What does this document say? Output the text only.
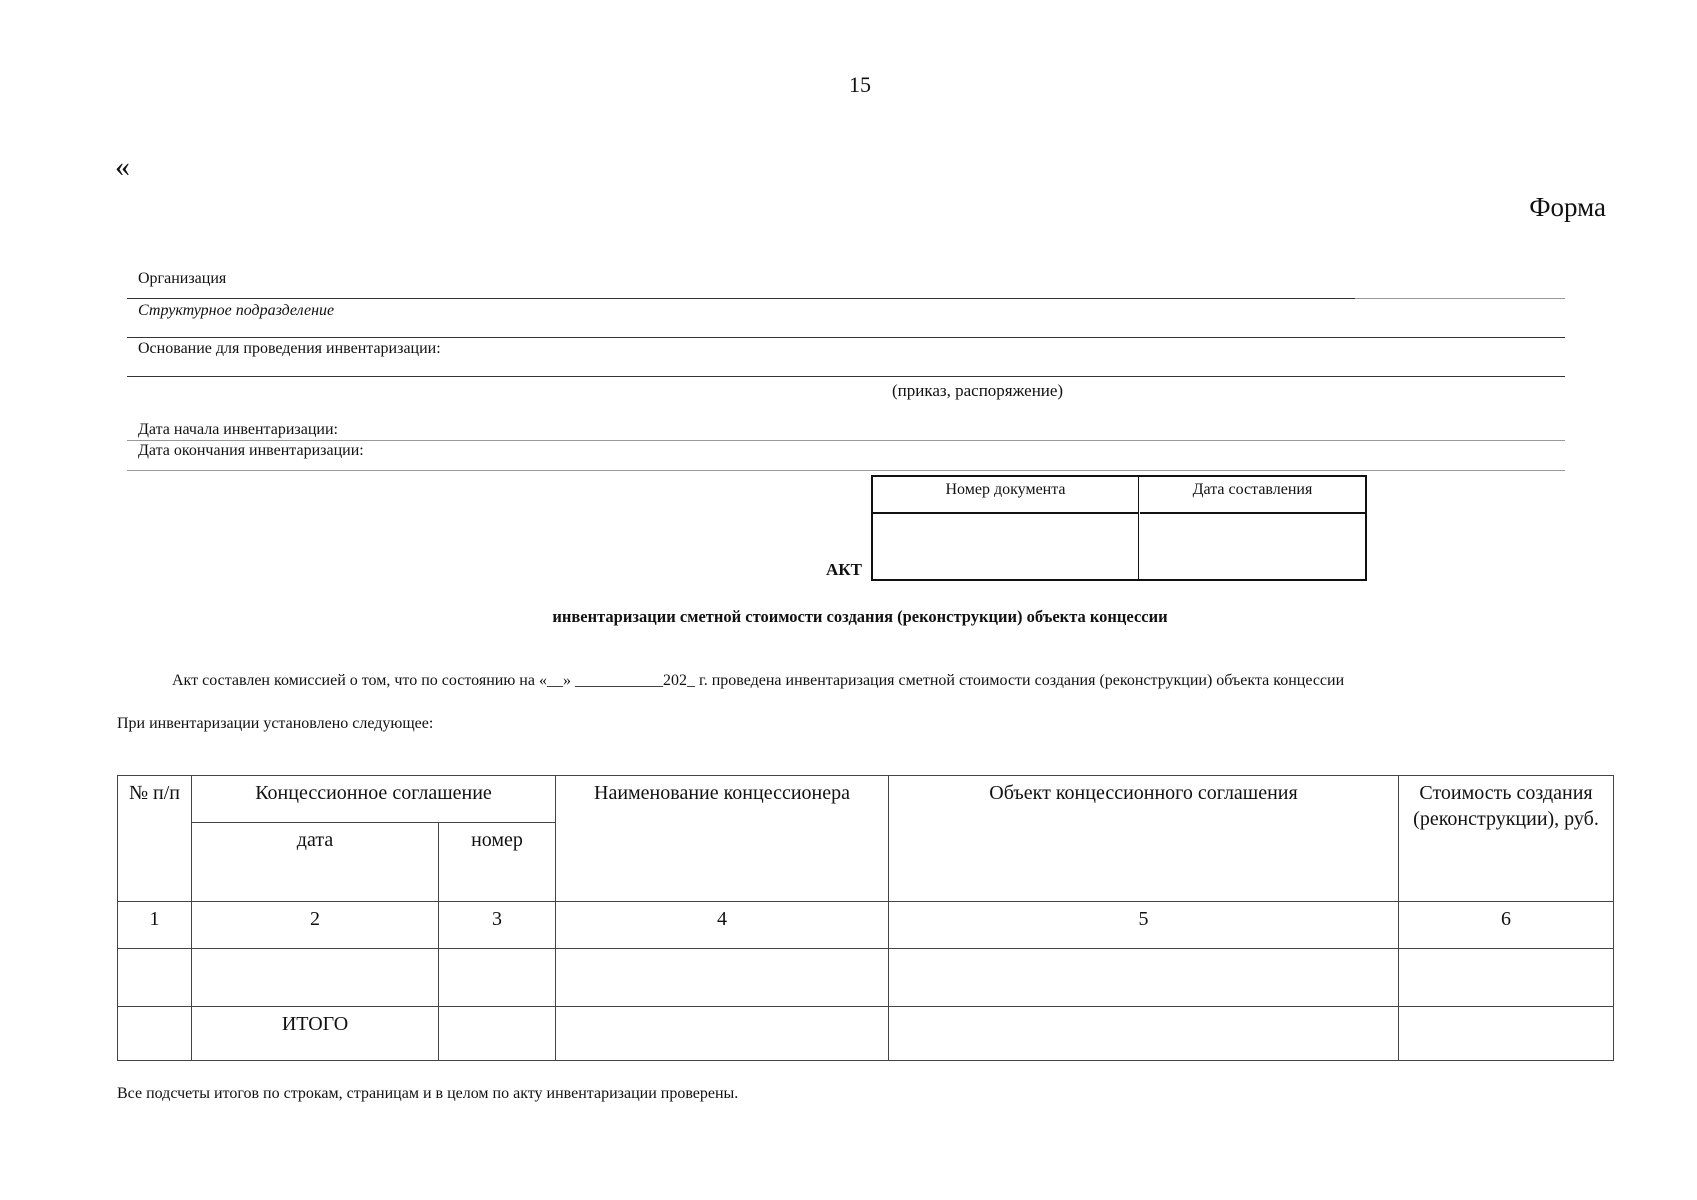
15
«
Форма
Организация
Структурное подразделение
Основание для проведения инвентаризации:
(приказ, распоряжение)
Дата начала инвентаризации:
Дата окончания инвентаризации:
Номер документа	Дата составления
АКТ
инвентаризации сметной стоимости создания (реконструкции) объекта концессии
Акт составлен комиссией о том, что по состоянию на «__» ___________202_ г. проведена инвентаризация сметной стоимости создания (реконструкции) объекта концессии
При инвентаризации установлено следующее:
№ п/п	Концессионное соглашение		Наименование концессионера	Объект концессионного соглашения	Стоимость создания (реконструкции), руб.
	дата	номер			
1	2	3	4	5	6

	ИТОГО				
Все подсчеты итогов по строкам, страницам и в целом по акту инвентаризации проверены.
